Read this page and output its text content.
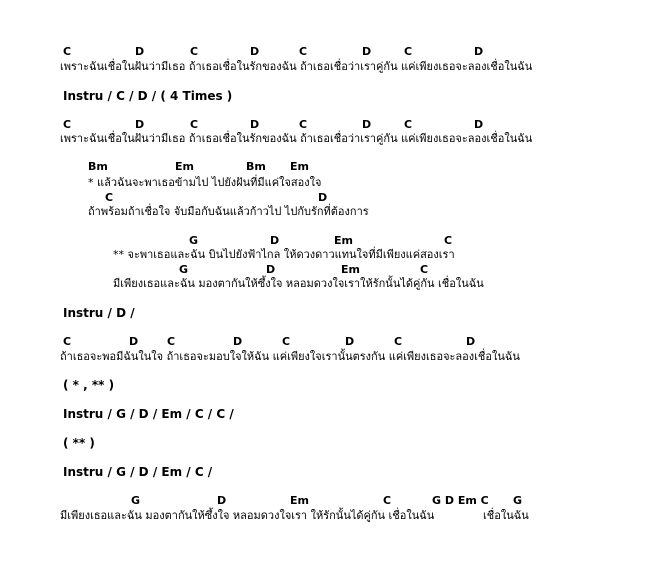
C	D	C	D	C	D	C	D
เพราะฉันเชื่อในฝันว่ามีเธอ ถ้าเธอเชื่อในรักของฉัน ถ้าเธอเชื่อว่าเราคู่กัน แค่เพียงเธอจะลองเชื่อในฉัน
Instru / C / D / ( 4 Times )
C	D	C	D	C	D	C	D
เพราะฉันเชื่อในฝันว่ามีเธอ ถ้าเธอเชื่อในรักของฉัน ถ้าเธอเชื่อว่าเราคู่กัน แค่เพียงเธอจะลองเชื่อในฉัน
Bm	Em	Bm Em
* แล้วฉันจะพาเธอข้ามไป ไปยังฝันที่มีแค่ใจสองใจ
C	D
ถ้าพร้อมถ้าเชื่อใจ จับมือกับฉันแล้วก้าวไป ไปกับรักที่ต้องการ
G	D	Em	C
** จะพาเธอและฉัน บินไปยังฟ้าไกล ให้ดวงดาวแทนใจที่มีเพียงแค่สองเรา
G	D	Em	C
มีเพียงเธอและฉัน มองตากันให้ซึ้งใจ หลอมดวงใจเราให้รักนั้นได้คู่กัน เชื่อในฉัน
Instru / D /
C	D	C	D	C	D	C	D
ถ้าเธอจะพอมีฉันในใจ ถ้าเธอจะมอบใจให้ฉัน แค่เพียงใจเรานั้นตรงกัน แค่เพียงเธอจะลองเชื่อในฉัน
( * , ** )
Instru / G / D / Em / C / C /
( ** )
Instru / G / D / Em / C /
G	D	Em	C	G D Em C G
มีเพียงเธอและฉัน มองตากันให้ซึ้งใจ หลอมดวงใจเรา ให้รักนั้นได้คู่กัน เชื่อในฉัน	เชื่อในฉัน
